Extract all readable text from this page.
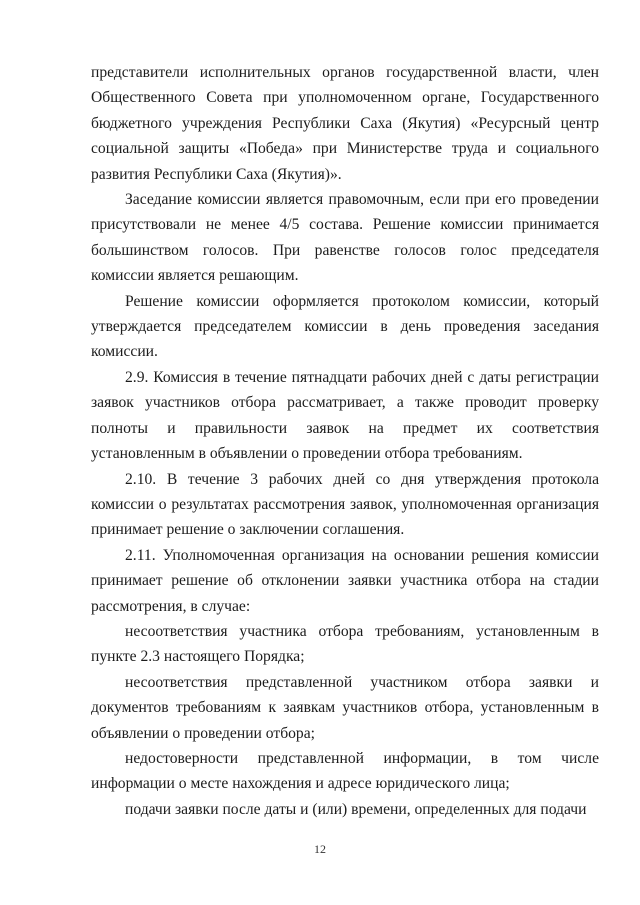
представители исполнительных органов государственной власти, член Общественного Совета при уполномоченном органе, Государственного бюджетного учреждения Республики Саха (Якутия) «Ресурсный центр социальной защиты «Победа» при Министерстве труда и социального развития Республики Саха (Якутия)».

Заседание комиссии является правомочным, если при его проведении присутствовали не менее 4/5 состава. Решение комиссии принимается большинством голосов. При равенстве голосов голос председателя комиссии является решающим.

Решение комиссии оформляется протоколом комиссии, который утверждается председателем комиссии в день проведения заседания комиссии.

2.9. Комиссия в течение пятнадцати рабочих дней с даты регистрации заявок участников отбора рассматривает, а также проводит проверку полноты и правильности заявок на предмет их соответствия установленным в объявлении о проведении отбора требованиям.

2.10. В течение 3 рабочих дней со дня утверждения протокола комиссии о результатах рассмотрения заявок, уполномоченная организация принимает решение о заключении соглашения.

2.11. Уполномоченная организация на основании решения комиссии принимает решение об отклонении заявки участника отбора на стадии рассмотрения, в случае:

несоответствия участника отбора требованиям, установленным в пункте 2.3 настоящего Порядка;

несоответствия представленной участником отбора заявки и документов требованиям к заявкам участников отбора, установленным в объявлении о проведении отбора;

недостоверности представленной информации, в том числе информации о месте нахождения и адресе юридического лица;

подачи заявки после даты и (или) времени, определенных для подачи

12
